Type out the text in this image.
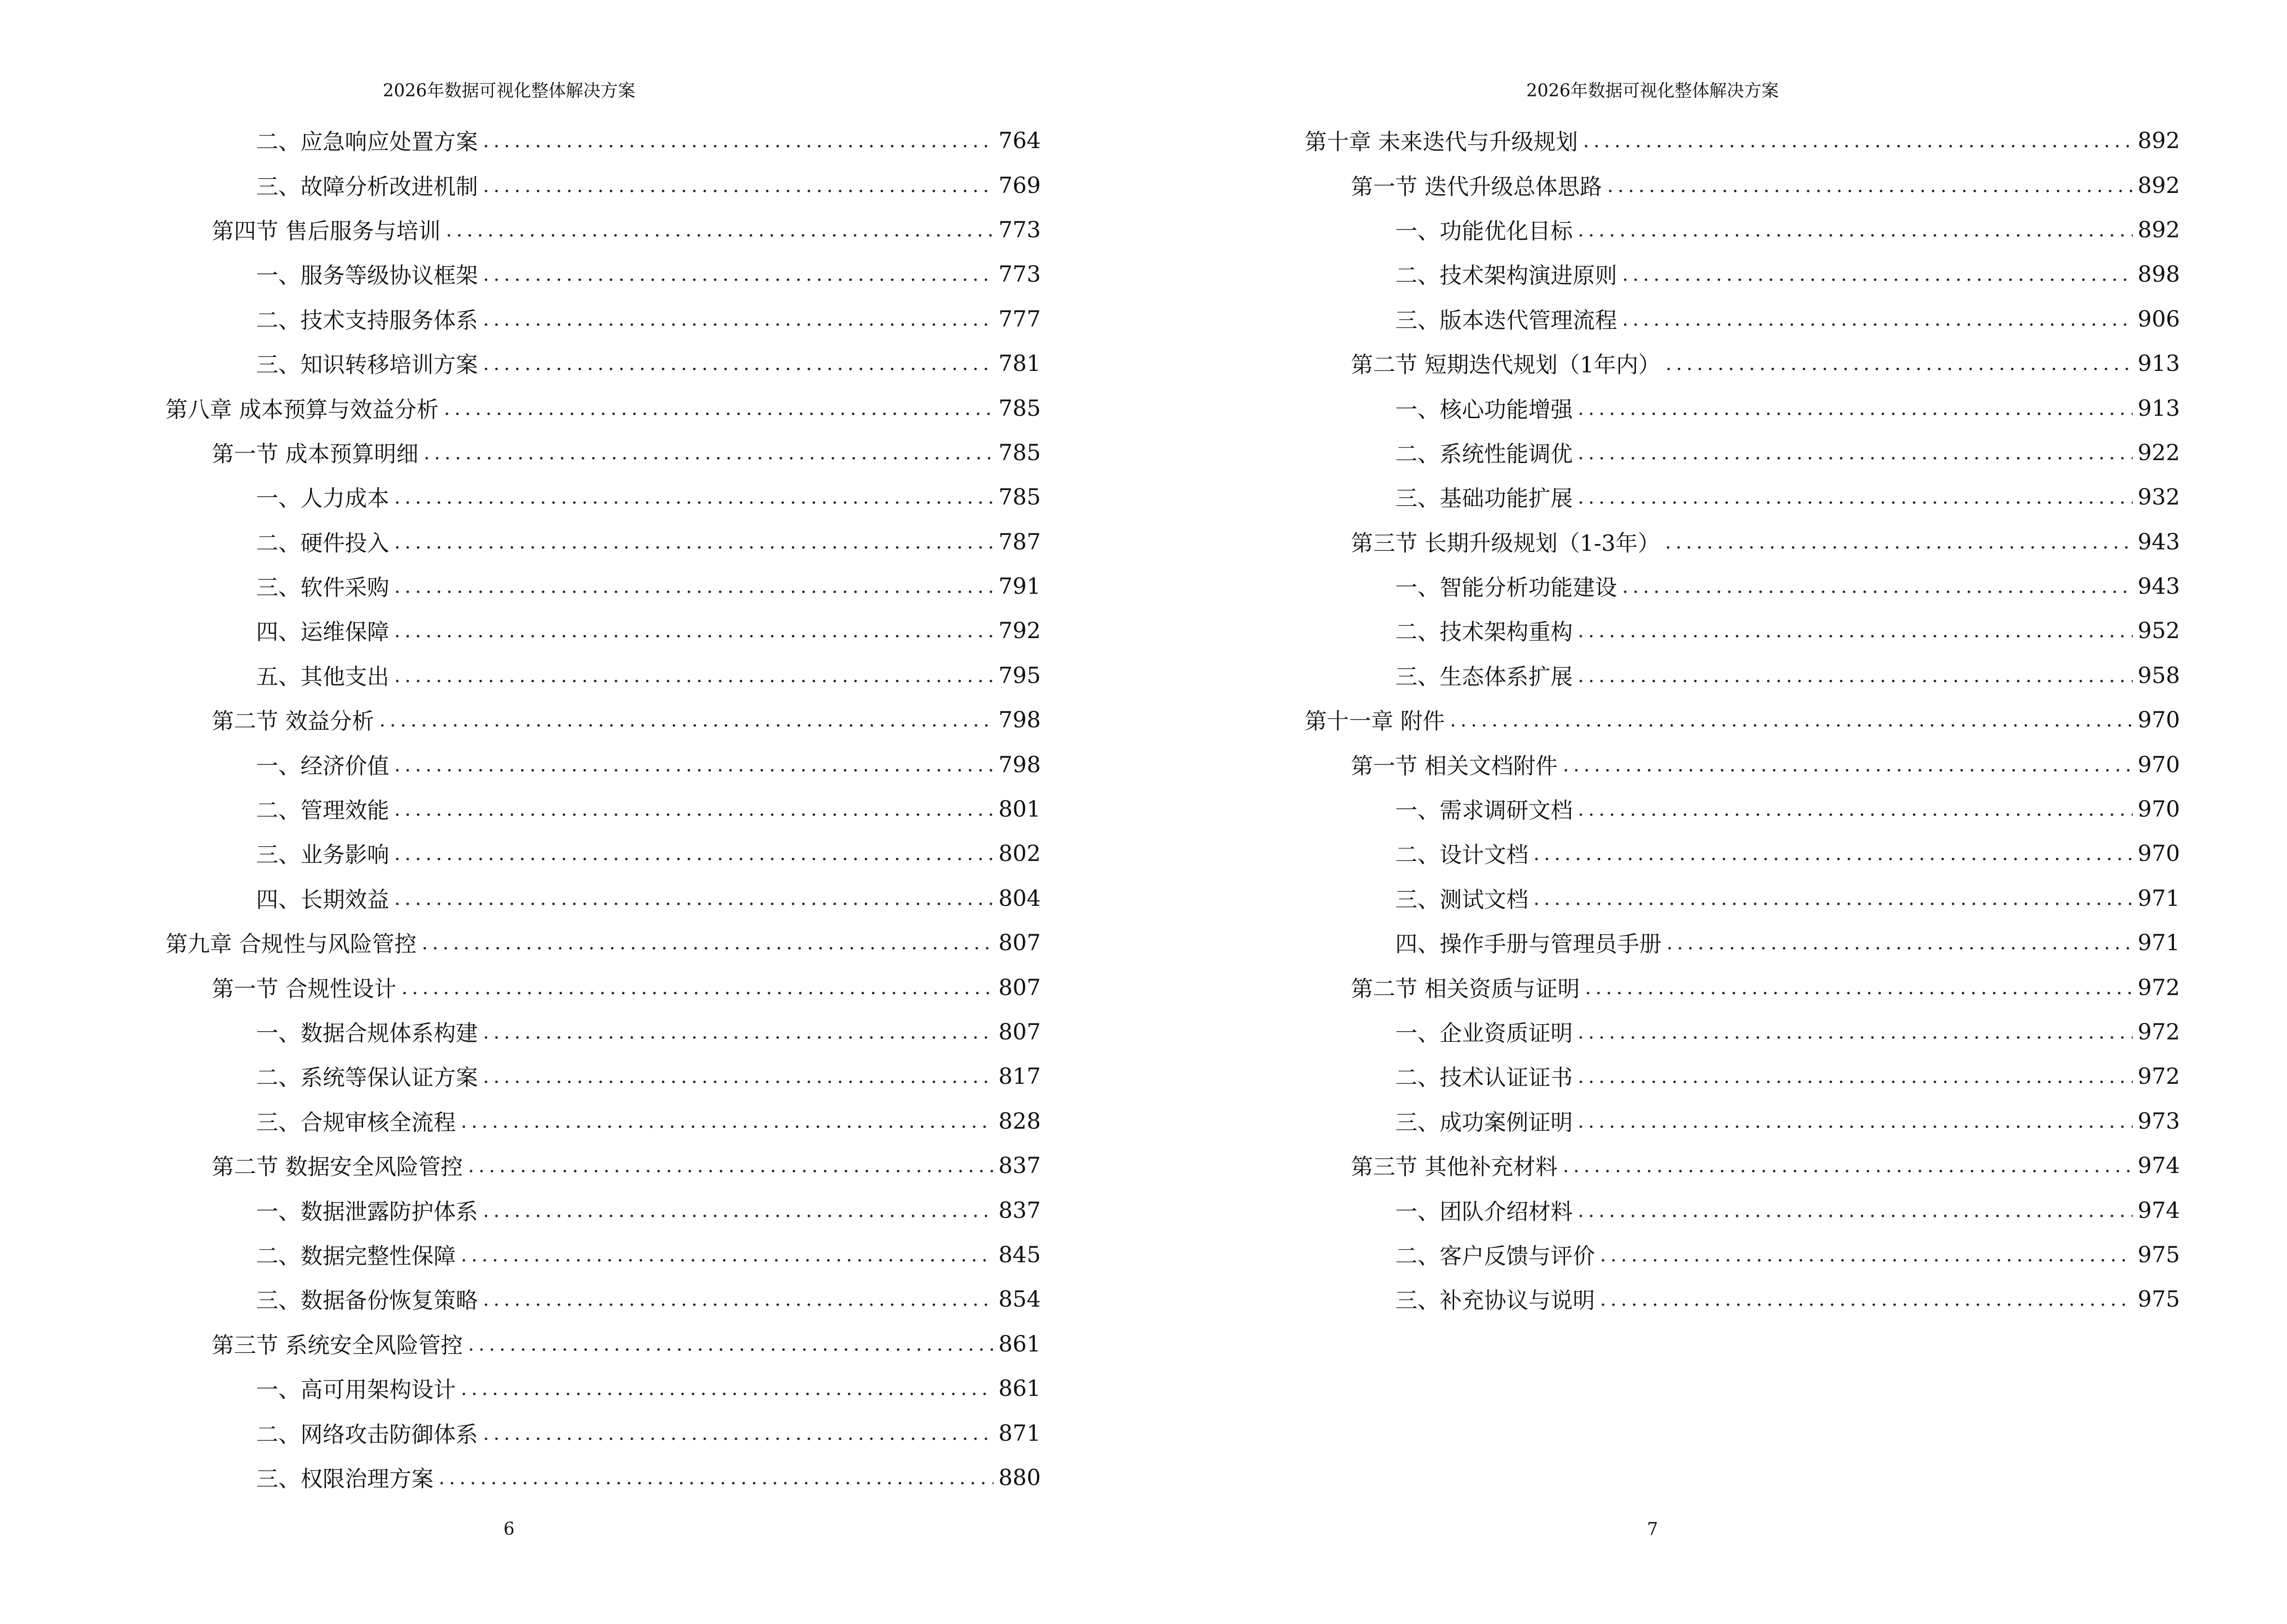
2026年数据可视化整体解决方案
二、应急响应处置方案	764
三、故障分析改进机制	769
第四节 售后服务与培训	773
一、服务等级协议框架	773
二、技术支持服务体系	777
三、知识转移培训方案	781
第八章 成本预算与效益分析	785
第一节 成本预算明细	785
一、人力成本	785
二、硬件投入	787
三、软件采购	791
四、运维保障	792
五、其他支出	795
第二节 效益分析	798
一、经济价值	798
二、管理效能	801
三、业务影响	802
四、长期效益	804
第九章 合规性与风险管控	807
第一节 合规性设计	807
一、数据合规体系构建	807
二、系统等保认证方案	817
三、合规审核全流程	828
第二节 数据安全风险管控	837
一、数据泄露防护体系	837
二、数据完整性保障	845
三、数据备份恢复策略	854
第三节 系统安全风险管控	861
一、高可用架构设计	861
二、网络攻击防御体系	871
三、权限治理方案	880
6
2026年数据可视化整体解决方案
第十章 未来迭代与升级规划	892
第一节 迭代升级总体思路	892
一、功能优化目标	892
二、技术架构演进原则	898
三、版本迭代管理流程	906
第二节 短期迭代规划（1年内）	913
一、核心功能增强	913
二、系统性能调优	922
三、基础功能扩展	932
第三节 长期升级规划（1-3年）	943
一、智能分析功能建设	943
二、技术架构重构	952
三、生态体系扩展	958
第十一章 附件	970
第一节 相关文档附件	970
一、需求调研文档	970
二、设计文档	970
三、测试文档	971
四、操作手册与管理员手册	971
第二节 相关资质与证明	972
一、企业资质证明	972
二、技术认证证书	972
三、成功案例证明	973
第三节 其他补充材料	974
一、团队介绍材料	974
二、客户反馈与评价	975
三、补充协议与说明	975
7
